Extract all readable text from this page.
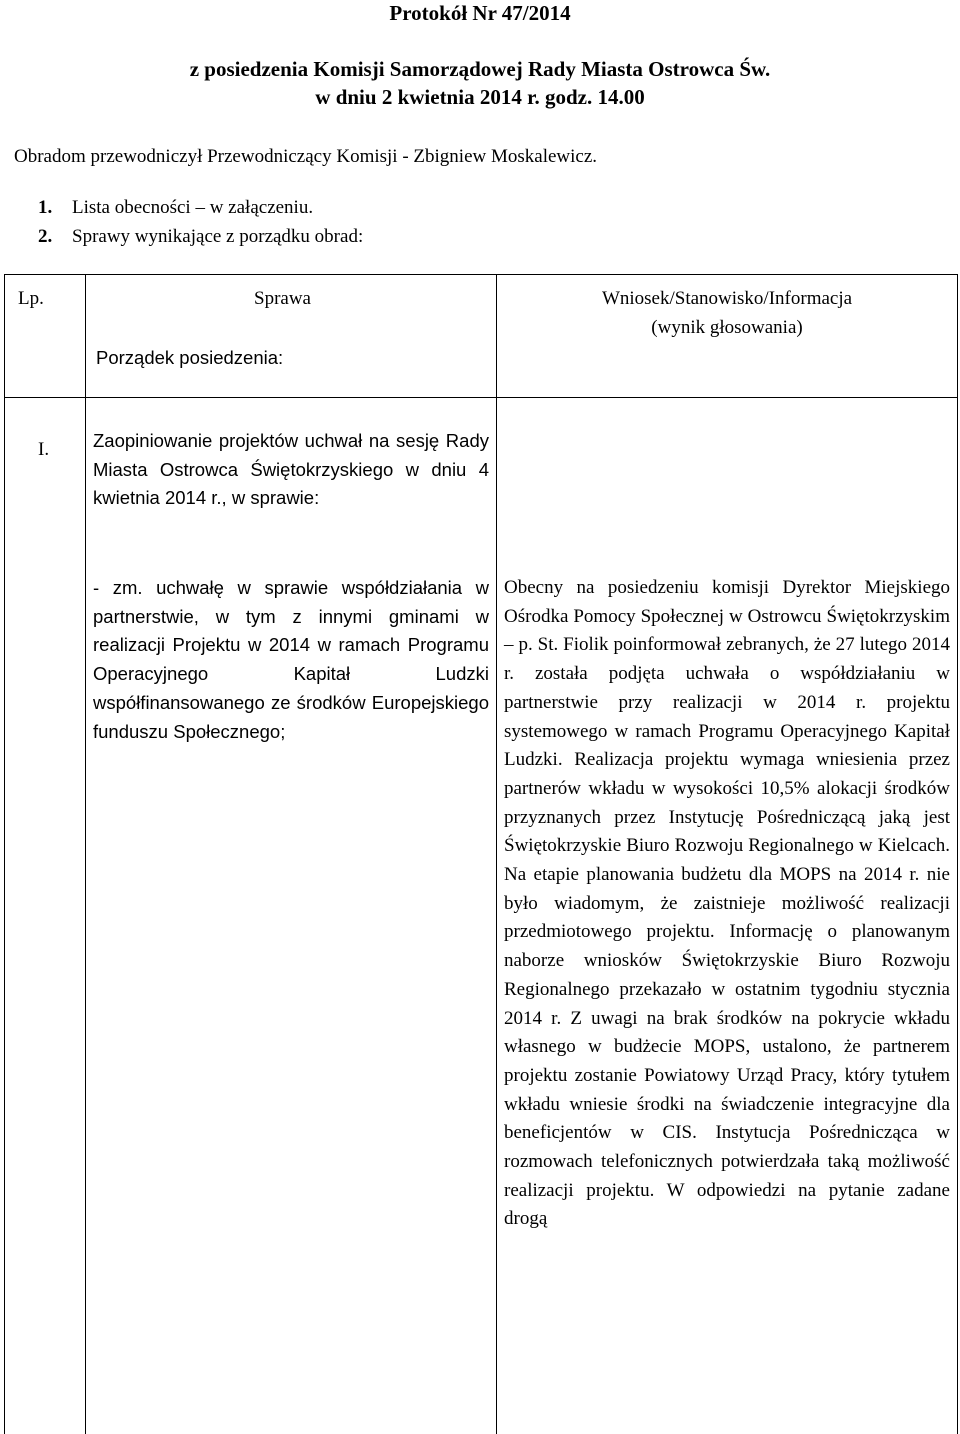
Protokół Nr 47/2014
z posiedzenia Komisji Samorządowej Rady Miasta Ostrowca Św.
w dniu 2 kwietnia 2014 r. godz. 14.00
Obradom przewodniczył Przewodniczący Komisji - Zbigniew Moskalewicz.
1. Lista obecności – w załączeniu.
2. Sprawy wynikające z porządku obrad:
Lp.	Sprawa	Wniosek/Stanowisko/Informacja
(wynik głosowania)
Porządek posiedzenia:
I. Zaopiniowanie projektów uchwał na sesję Rady Miasta Ostrowca Świętokrzyskiego w dniu 4 kwietnia 2014 r., w sprawie:
- zm. uchwałę w sprawie współdziałania w partnerstwie, w tym z innymi gminami w realizacji Projektu w 2014 w ramach Programu Operacyjnego Kapitał Ludzki współfinansowanego ze środków Europejskiego funduszu Społecznego;
Obecny na posiedzeniu komisji Dyrektor Miejskiego Ośrodka Pomocy Społecznej w Ostrowcu Świętokrzyskim – p. St. Fiolik poinformował zebranych, że 27 lutego 2014 r. została podjęta uchwała o współdziałaniu w partnerstwie przy realizacji w 2014 r. projektu systemowego w ramach Programu Operacyjnego Kapitał Ludzki. Realizacja projektu wymaga wniesienia przez partnerów wkładu w wysokości 10,5% alokacji środków przyznanych przez Instytucję Pośredniczącą jaką jest Świętokrzyskie Biuro Rozwoju Regionalnego w Kielcach. Na etapie planowania budżetu dla MOPS na 2014 r. nie było wiadomym, że zaistnieje możliwość realizacji przedmiotowego projektu. Informację o planowanym naborze wniosków Świętokrzyskie Biuro Rozwoju Regionalnego przekazało w ostatnim tygodniu stycznia 2014 r. Z uwagi na brak środków na pokrycie wkładu własnego w budżecie MOPS, ustalono, że partnerem projektu zostanie Powiatowy Urząd Pracy, który tytułem wkładu wniesie środki na świadczenie integracyjne dla beneficjentów w CIS. Instytucja Pośrednicząca w rozmowach telefonicznych potwierdzała taką możliwość realizacji projektu. W odpowiedzi na pytanie zadane drogą
